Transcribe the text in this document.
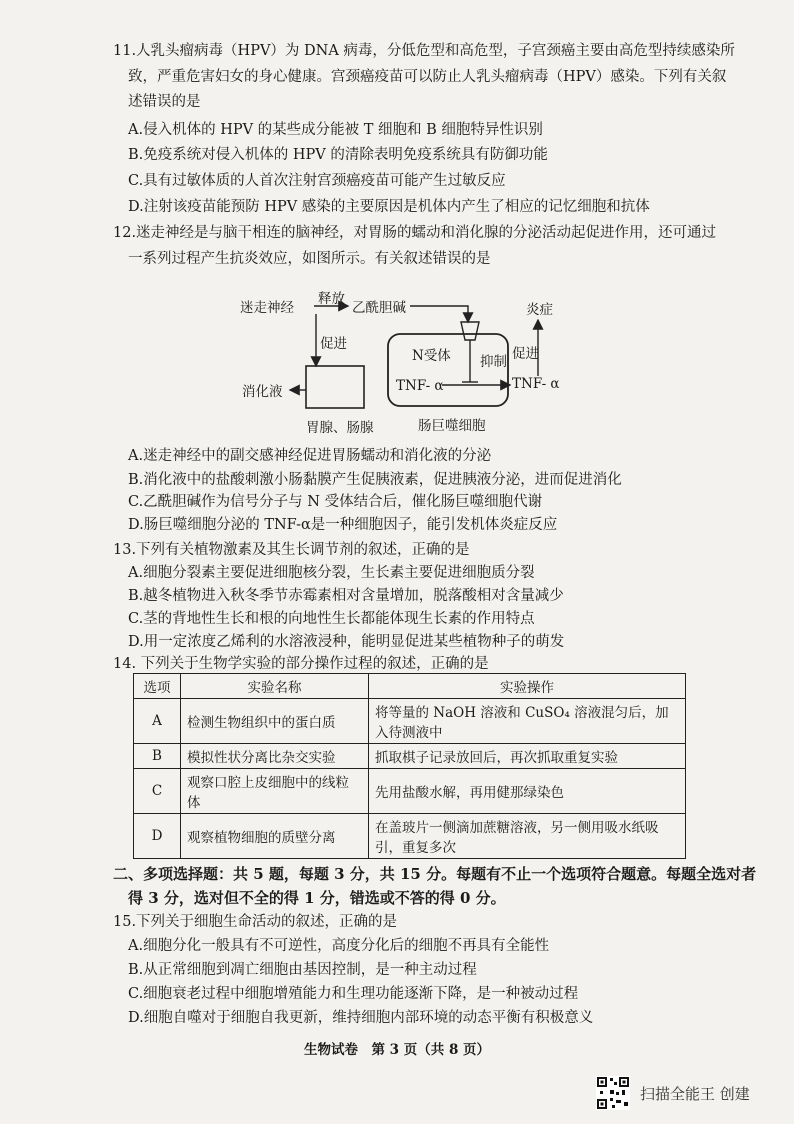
11.人乳头瘤病毒（HPV）为 DNA 病毒，分低危型和高危型，子宫颈癌主要由高危型持续感染所
致，严重危害妇女的身心健康。宫颈癌疫苗可以防止人乳头瘤病毒（HPV）感染。下列有关叙
述错误的是
A.侵入机体的 HPV 的某些成分能被 T 细胞和 B 细胞特异性识别
B.免疫系统对侵入机体的 HPV 的清除表明免疫系统具有防御功能
C.具有过敏体质的人首次注射宫颈癌疫苗可能产生过敏反应
D.注射该疫苗能预防 HPV 感染的主要原因是机体内产生了相应的记忆细胞和抗体
12.迷走神经是与脑干相连的脑神经，对胃肠的蠕动和消化腺的分泌活动起促进作用，还可通过
一系列过程产生抗炎效应，如图所示。有关叙述错误的是
迷走神经
释放
乙酰胆碱	炎症
促进
N受体 抑制 促进
消化液	TNF- α	TNF- α
胃腺、肠腺	肠巨噬细胞
A.迷走神经中的副交感神经促进胃肠蠕动和消化液的分泌
B.消化液中的盐酸刺激小肠黏膜产生促胰液素，促进胰液分泌，进而促进消化
C.乙酰胆碱作为信号分子与 N 受体结合后，催化肠巨噬细胞代谢
D.肠巨噬细胞分泌的 TNF-α是一种细胞因子，能引发机体炎症反应
13.下列有关植物激素及其生长调节剂的叙述，正确的是
A.细胞分裂素主要促进细胞核分裂，生长素主要促进细胞质分裂
B.越冬植物进入秋冬季节赤霉素相对含量增加，脱落酸相对含量减少
C.茎的背地性生长和根的向地性生长都能体现生长素的作用特点
D.用一定浓度乙烯利的水溶液浸种，能明显促进某些植物种子的萌发
14. 下列关于生物学实验的部分操作过程的叙述，正确的是
选项	实验名称	实验操作
A	检测生物组织中的蛋白质	将等量的 NaOH 溶液和 CuSO₄ 溶液混匀后，加
入待测液中

B	模拟性状分离比杂交实验	抓取棋子记录放回后，再次抓取重复实验

C	观察口腔上皮细胞中的线粒体	先用盐酸水解，再用健那绿染色

D	观察植物细胞的质壁分离	在盖玻片一侧滴加蔗糖溶液，另一侧用吸水纸吸
引，重复多次
二、多项选择题：共 5 题，每题 3 分，共 15 分。每题有不止一个选项符合题意。每题全选对者
得 3 分，选对但不全的得 1 分，错选或不答的得 0 分。
15.下列关于细胞生命活动的叙述，正确的是
A.细胞分化一般具有不可逆性，高度分化后的细胞不再具有全能性
B.从正常细胞到凋亡细胞由基因控制，是一种主动过程
C.细胞衰老过程中细胞增殖能力和生理功能逐渐下降，是一种被动过程
D.细胞自噬对于细胞自我更新，维持细胞内部环境的动态平衡有积极意义
生物试卷　第 3 页（共 8 页）
扫描全能王 创建
